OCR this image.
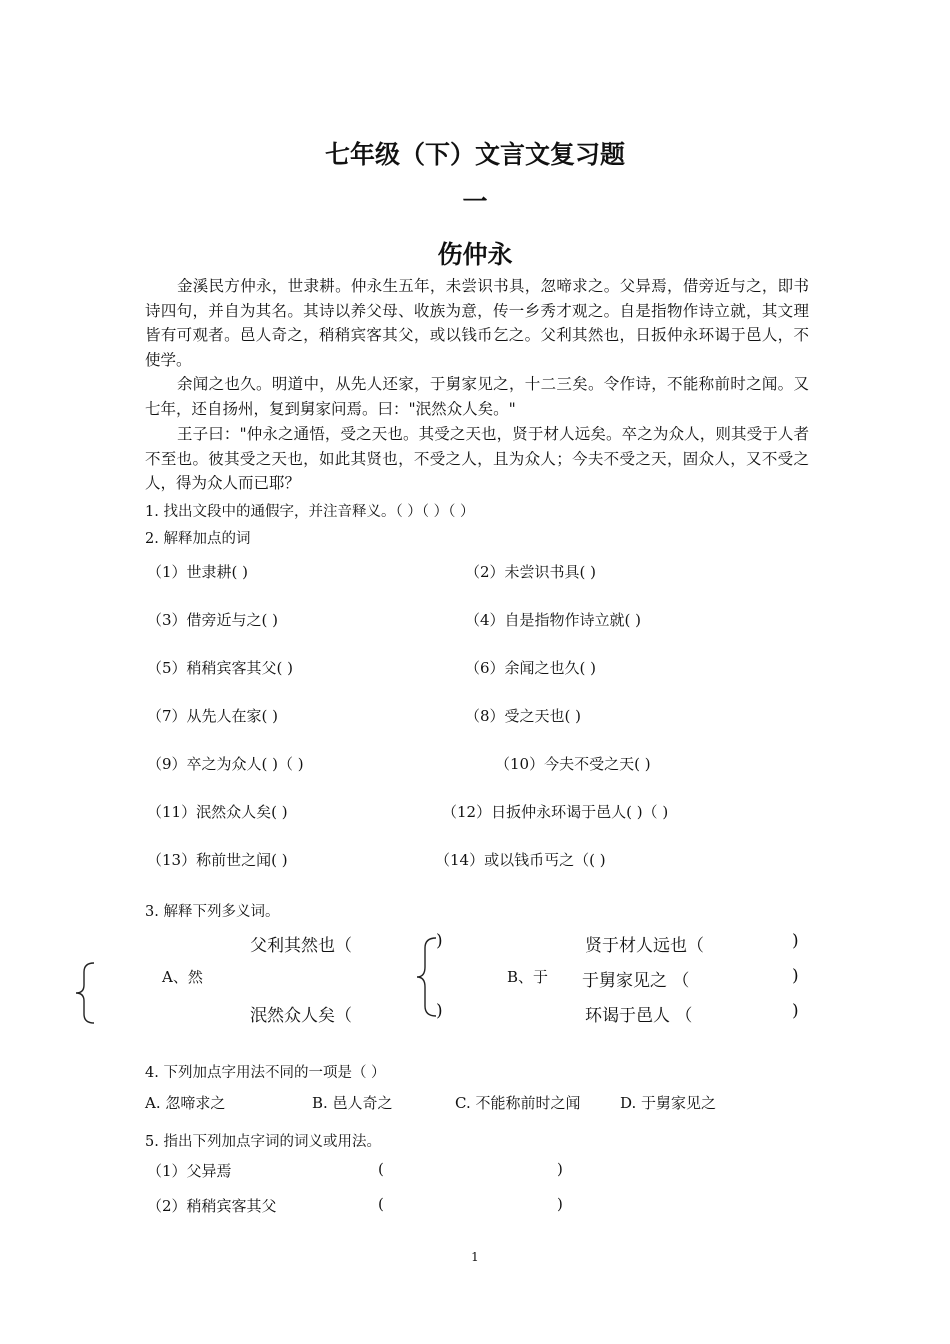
七年级（下）文言文复习题
一
伤仲永

金溪民方仲永，世隶耕。仲永生五年，未尝识书具，忽啼求之。父异焉，借旁近与之，即书诗四句，并自为其名。其诗以养父母、收族为意，传一乡秀才观之。自是指物作诗立就，其文理皆有可观者。邑人奇之，稍稍宾客其父，或以钱币乞之。父利其然也，日扳仲永环谒于邑人，不使学。

余闻之也久。明道中，从先人还家，于舅家见之，十二三矣。令作诗，不能称前时之闻。又七年，还自扬州，复到舅家问焉。曰："泯然众人矣。"

王子曰："仲永之通悟，受之天也。其受之天也，贤于材人远矣。卒之为众人，则其受于人者不至也。彼其受之天也，如此其贤也，不受之人，且为众人；今夫不受之天，固众人，又不受之人，得为众人而已耶？

1. 找出文段中的通假字，并注音释义。（ ）（ ）（ ）
2. 解释加点的词
（1）世隶耕( )	（2）未尝识书具( )
（3）借旁近与之( )	（4）自是指物作诗立就( )
（5）稍稍宾客其父( )	（6）余闻之也久( )
（7）从先人在家( )	（8）受之天也( )
（9）卒之为众人( )（ )	（10）今夫不受之天( )
（11）泯然众人矣( )	（12）日扳仲永环谒于邑人( )（ )
（13）称前世之闻( )	（14）或以钱币丐之（( )
3. 解释下列多义词。
A、然
父利其然也（
泯然众人矣（
)
)
B、于
贤于材人远也（
于舅家见之 （
环谒于邑人 （
)
)
)
4. 下列加点字用法不同的一项是（ ）
A. 忽啼求之	B. 邑人奇之	C. 不能称前时之闻	D. 于舅家见之
5. 指出下列加点字词的词义或用法。
（1）父异焉	(	)
（2）稍稍宾客其父	(	)
1
